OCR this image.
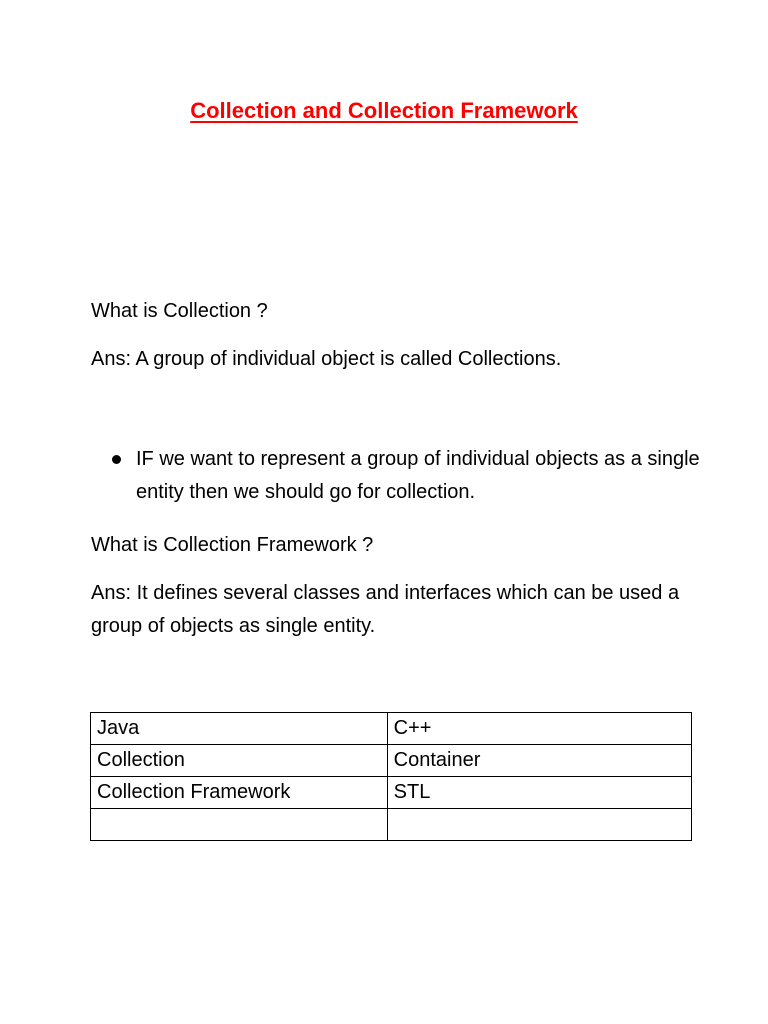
Collection and Collection Framework
What is Collection ?
Ans: A group of individual object is called Collections.
IF we want to represent a group of individual objects as a single entity then we should go for collection.
What is Collection Framework ?
Ans: It defines several classes and interfaces which can be used a group of objects as single entity.
Java	C++
Collection	Container
Collection Framework	STL
